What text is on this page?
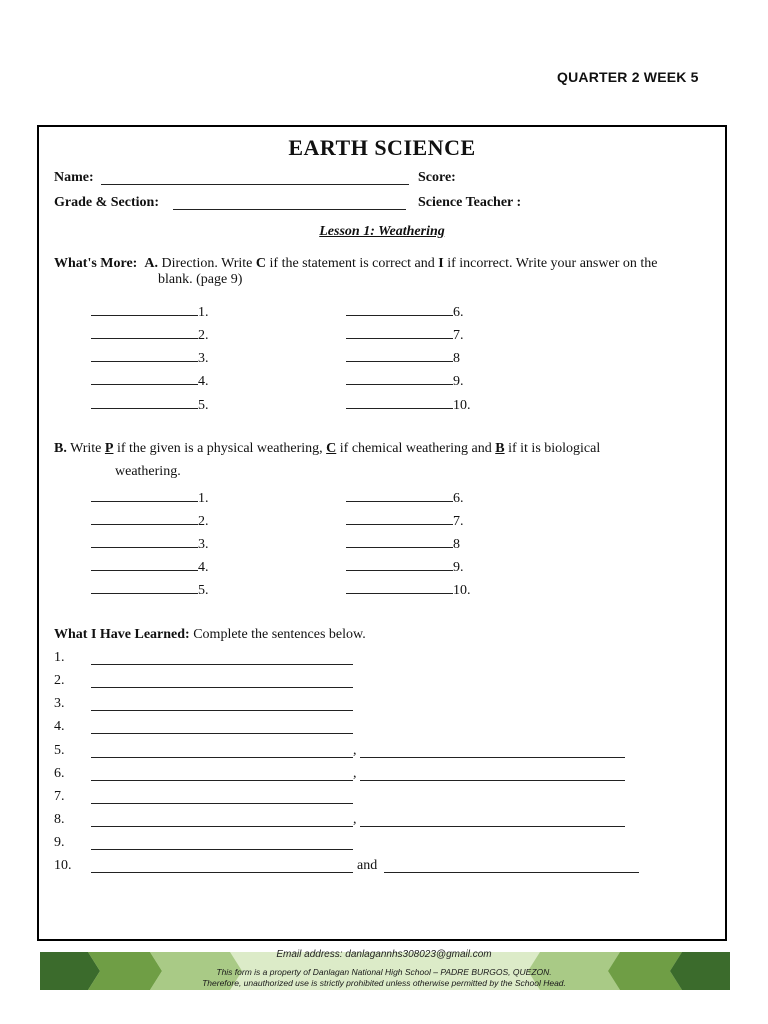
QUARTER 2 WEEK 5
EARTH SCIENCE
Name:	Score:
Grade & Section:	Science Teacher :
Lesson 1: Weathering
What's More: A. Direction. Write C if the statement is correct and I if incorrect. Write your answer on the
blank. (page 9)
1.
2.
3.
4.
5.
6.
7.
8
9.
10.
B. Write P if the given is a physical weathering, C if chemical weathering and B if it is biological
weathering.
1.
2.
3.
4.
5.
6.
7.
8
9.
10.
What I Have Learned: Complete the sentences below.
1.
2.
3.
4.
5.	,
6.	,
7.
8.	,
9.
10.	and
Email address: danlagannhs308023@gmail.com
This form is a property of Danlagan National High School – PADRE BURGOS, QUEZON.
Therefore, unauthorized use is strictly prohibited unless otherwise permitted by the School Head.
